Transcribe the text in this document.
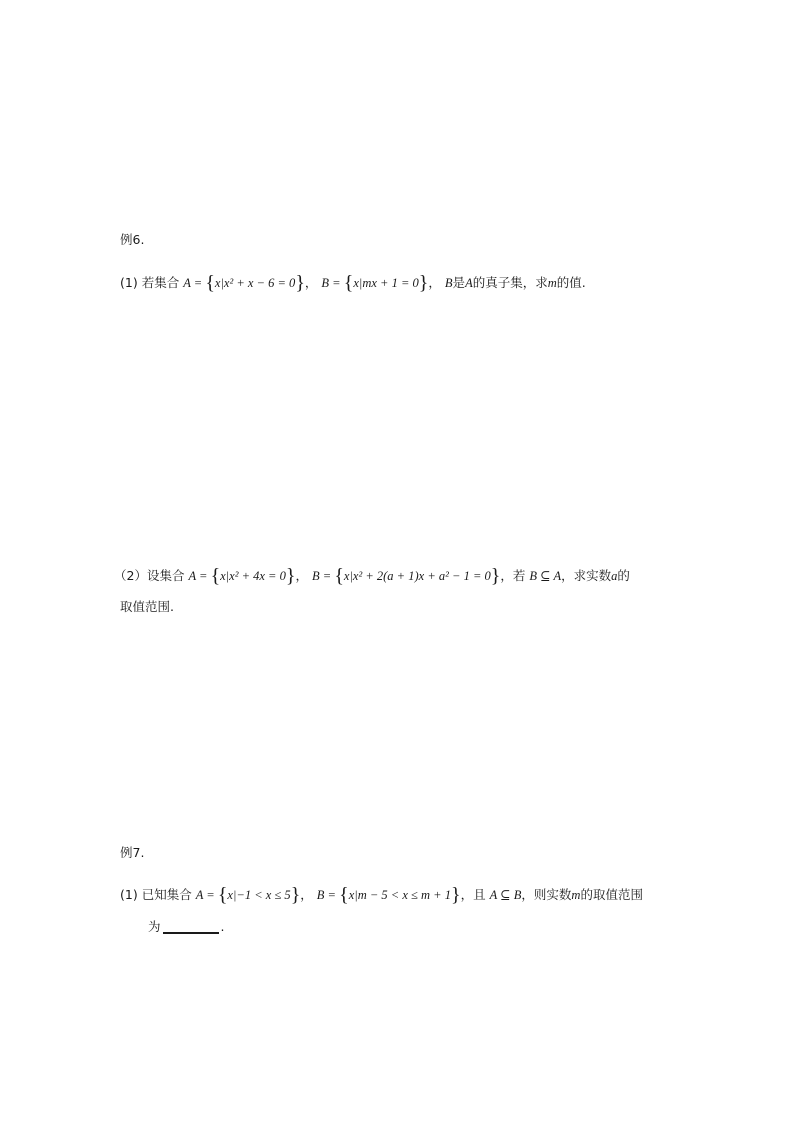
例6.
(1) 若集合 A = {x|x² + x − 6 = 0}， B = {x|mx + 1 = 0}， B是A的真子集，求m的值.
（2）设集合 A = {x|x² + 4x = 0}， B = {x|x² + 2(a + 1)x + a² − 1 = 0}，若 B ⊆ A，求实数a的
取值范围.
例7.
(1) 已知集合 A = {x|−1 < x ≤ 5}， B = {x|m − 5 < x ≤ m + 1}，且 A ⊆ B，则实数m的取值范围
为	.
